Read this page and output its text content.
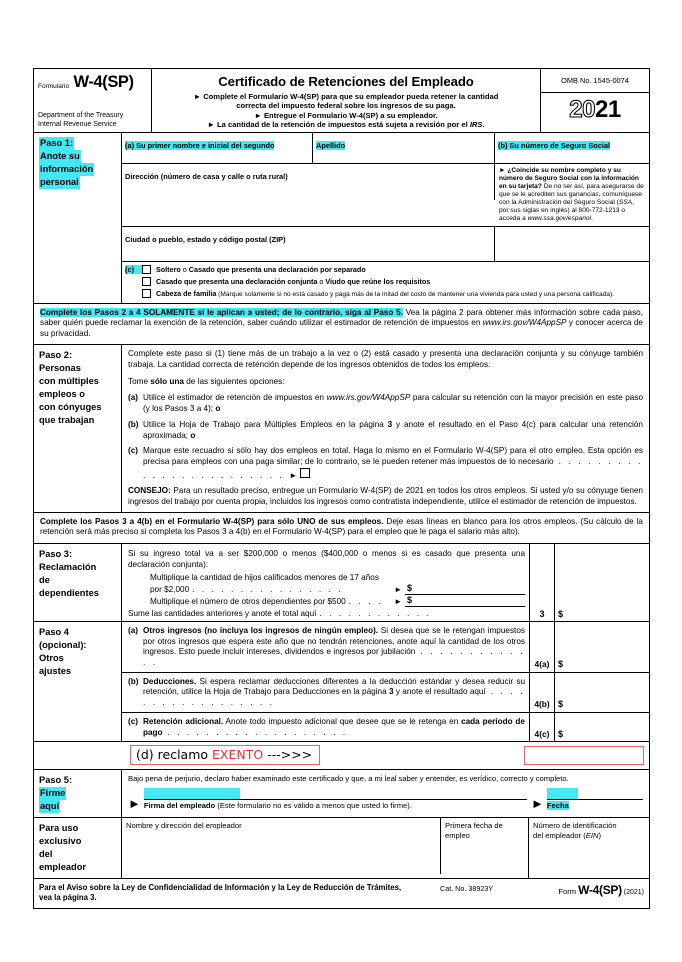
Formulario W-4(SP)
Department of the Treasury
Internal Revenue Service
Certificado de Retenciones del Empleado
► Complete el Formulario W-4(SP) para que su empleador pueda retener la cantidad
correcta del impuesto federal sobre los ingresos de su paga.
► Entregue el Formulario W-4(SP) a su empleador.
► La cantidad de la retención de impuestos está sujeta a revisión por el IRS.
OMB No. 1545-0074
2021
Paso 1:
Anote su
información
personal
(a) Su primer nombre e inicial del segundo	Apellido	(b) Su número de Seguro Social
Dirección (número de casa y calle o ruta rural)
► ¿Coincide su nombre completo y su número de Seguro Social con la información en su tarjeta? De no ser así, para asegurarse de que se le acrediten sus ganancias, comuníquese con la Administración del Seguro Social (SSA, por sus siglas en inglés) al 800-772-1213 o acceda a www.ssa.gov/espanol.
Ciudad o pueblo, estado y código postal (ZIP)
(c)	Soltero o Casado que presenta una declaración por separado
Casado que presenta una declaración conjunta o Viudo que reúne los requisitos
Cabeza de familia (Marque solamente si no está casado y paga más de la mitad del costo de mantener una vivienda para usted y una persona calificada).
Complete los Pasos 2 a 4 SOLAMENTE si le aplican a usted; de lo contrario, siga al Paso 5. Vea la página 2 para obtener más información sobre cada paso, saber quién puede reclamar la exención de la retención, saber cuándo utilizar el estimador de retención de impuestos en www.irs.gov/W4AppSP y conocer acerca de su privacidad.
Paso 2:
Personas
con múltiples
empleos o
con cónyuges
que trabajan

Complete este paso si (1) tiene más de un trabajo a la vez o (2) está casado y presenta una declaración conjunta y su cónyuge también trabaja. La cantidad correcta de retención depende de los ingresos obtenidos de todos los empleos.

Tome sólo una de las siguientes opciones:

(a) Utilice el estimador de retención de impuestos en www.irs.gov/W4AppSP para calcular su retención con la mayor precisión en este paso (y los Pasos 3 a 4); o
(b) Utilice la Hoja de Trabajo para Múltiples Empleos en la página 3 y anote el resultado en el Paso 4(c) para calcular una retención aproximada; o
(c) Marque este recuadro si sólo hay dos empleos en total. Haga lo mismo en el Formulario W-4(SP) para el otro empleo. Esta opción es precisa para empleos con una paga similar; de lo contrario, se le pueden retener más impuestos de lo necesario . . . . . . . . . . . . . . . . . . . . . . . . ►

CONSEJO: Para un resultado preciso, entregue un Formulario W-4(SP) de 2021 en todos los otros empleos. Si usted y/o su cónyuge tienen ingresos del trabajo por cuenta propia, incluidos los ingresos como contratista independiente, utilice el estimador de retención de impuestos.

Complete los Pasos 3 a 4(b) en el Formulario W-4(SP) para sólo UNO de sus empleos. Deje esas líneas en blanco para los otros empleos. (Su cálculo de la retención será más preciso si completa los Pasos 3 a 4(b) en el Formulario W-4(SP) para el empleo que le paga el salario más alto).
Paso 3:
Reclamación
de
dependientes
Si su ingreso total va a ser $200,000 o menos ($400,000 o menos si es casado que presenta una declaración conjunta):
Multiplique la cantidad de hijos calificados menores de 17 años
por $2,000 . . . . . . . . . . . . . . . .	► $
Multiplique el número de otros dependientes por $500 . . . .	► $
Sume las cantidades anteriores y anote el total aquí . . . . . . . . . . . .	3	$
Paso 4
(opcional):
Otros
ajustes
(a) Otros ingresos (no incluya los ingresos de ningún empleo). Si desea que se le retengan impuestos por otros ingresos que espera este año que no tendrán retenciones, anote aquí la cantidad de los otros ingresos. Esto puede incluir intereses, dividendos e ingresos por jubilación . . . . . . . . . . . . .	4(a) $
(b) Deducciones. Si espera reclamar deducciones diferentes a la deducción estándar y desea reducir su retención, utilice la Hoja de Trabajo para Deducciones en la página 3 y anote el resultado aquí . . . . . . . . . . . . . . . . . .	4(b) $
(c) Retención adicional. Anote todo impuesto adicional que desee que se le retenga en cada período de pago . . . . . . . . . . . . . . . . . . .	4(c) $
(d) reclamo EXENTO --->>>
Paso 5:
Firme
aquí
Bajo pena de perjurio, declaro haber examinado este certificado y que, a mi leal saber y entender, es verídico, correcto y completo.
► Firma del empleado (Este formulario no es válido a menos que usted lo firme).	► Fecha
Para uso
exclusivo
del
empleador
Nombre y dirección del empleador	Primera fecha de
empleo
Número de identificación
del empleador (EIN)
Para el Aviso sobre la Ley de Confidencialidad de Información y la Ley de Reducción de Trámites,
vea la página 3.
Cat. No. 38923Y	Form W-4(SP) (2021)
